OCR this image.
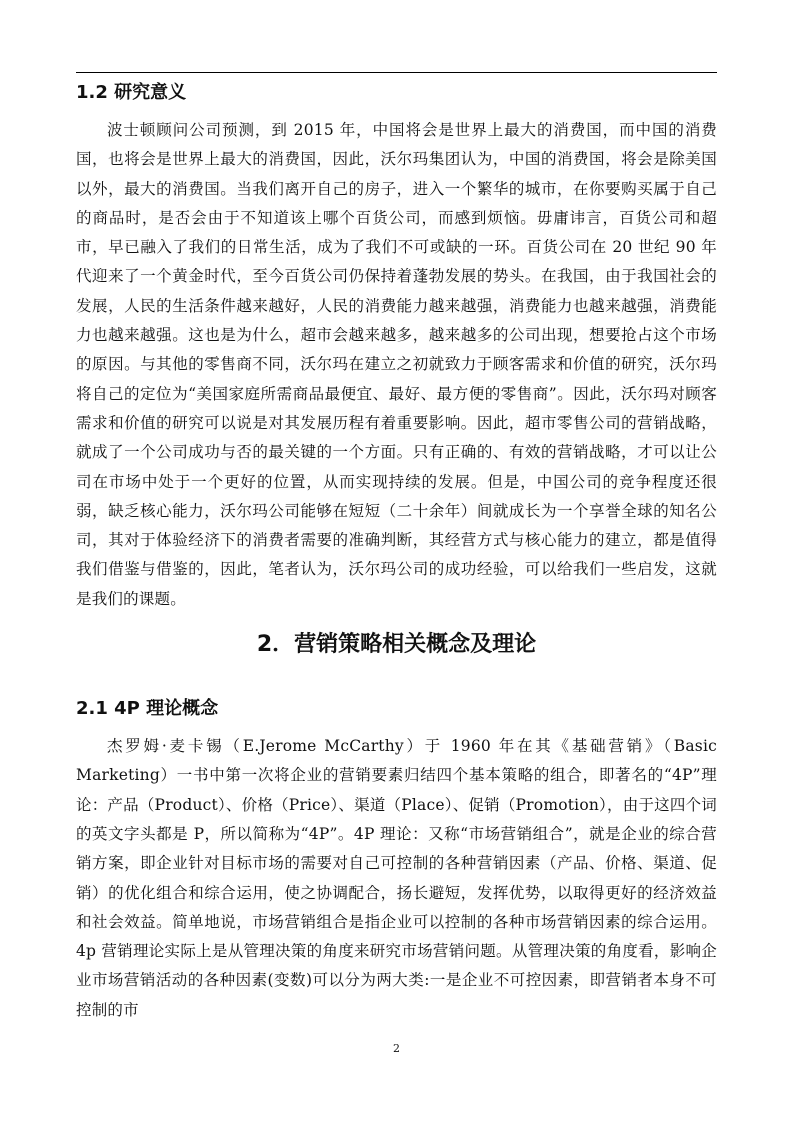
1.2 研究意义

波士顿顾问公司预测，到 2015 年，中国将会是世界上最大的消费国，而中国的消费国，也将会是世界上最大的消费国，因此，沃尔玛集团认为，中国的消费国，将会是除美国以外，最大的消费国。当我们离开自己的房子，进入一个繁华的城市，在你要购买属于自己的商品时，是否会由于不知道该上哪个百货公司，而感到烦恼。毋庸讳言，百货公司和超市，早已融入了我们的日常生活，成为了我们不可或缺的一环。百货公司在 20 世纪 90 年代迎来了一个黄金时代，至今百货公司仍保持着蓬勃发展的势头。在我国，由于我国社会的发展，人民的生活条件越来越好，人民的消费能力越来越强，消费能力也越来越强，消费能力也越来越强。这也是为什么，超市会越来越多，越来越多的公司出现，想要抢占这个市场的原因。与其他的零售商不同，沃尔玛在建立之初就致力于顾客需求和价值的研究，沃尔玛将自己的定位为“美国家庭所需商品最便宜、最好、最方便的零售商”。因此，沃尔玛对顾客需求和价值的研究可以说是对其发展历程有着重要影响。因此，超市零售公司的营销战略，就成了一个公司成功与否的最关键的一个方面。只有正确的、有效的营销战略，才可以让公司在市场中处于一个更好的位置，从而实现持续的发展。但是，中国公司的竞争程度还很弱，缺乏核心能力，沃尔玛公司能够在短短（二十余年）间就成长为一个享誉全球的知名公司，其对于体验经济下的消费者需要的准确判断，其经营方式与核心能力的建立，都是值得我们借鉴与借鉴的，因此，笔者认为，沃尔玛公司的成功经验，可以给我们一些启发，这就是我们的课题。

2．营销策略相关概念及理论
2.1 4P 理论概念

杰罗姆·麦卡锡（E.Jerome McCarthy）于 1960 年在其《基础营销》（Basic Marketing）一书中第一次将企业的营销要素归结四个基本策略的组合，即著名的“4P”理论：产品（Product）、价格（Price）、渠道（Place）、促销（Promotion），由于这四个词的英文字头都是 P，所以简称为“4P”。4P 理论：又称“市场营销组合”，就是企业的综合营销方案，即企业针对目标市场的需要对自己可控制的各种营销因素（产品、价格、渠道、促销）的优化组合和综合运用，使之协调配合，扬长避短，发挥优势，以取得更好的经济效益和社会效益。简单地说，市场营销组合是指企业可以控制的各种市场营销因素的综合运用。4p 营销理论实际上是从管理决策的角度来研究市场营销问题。从管理决策的角度看，影响企业市场营销活动的各种因素(变数)可以分为两大类:一是企业不可控因素，即营销者本身不可控制的市

2
